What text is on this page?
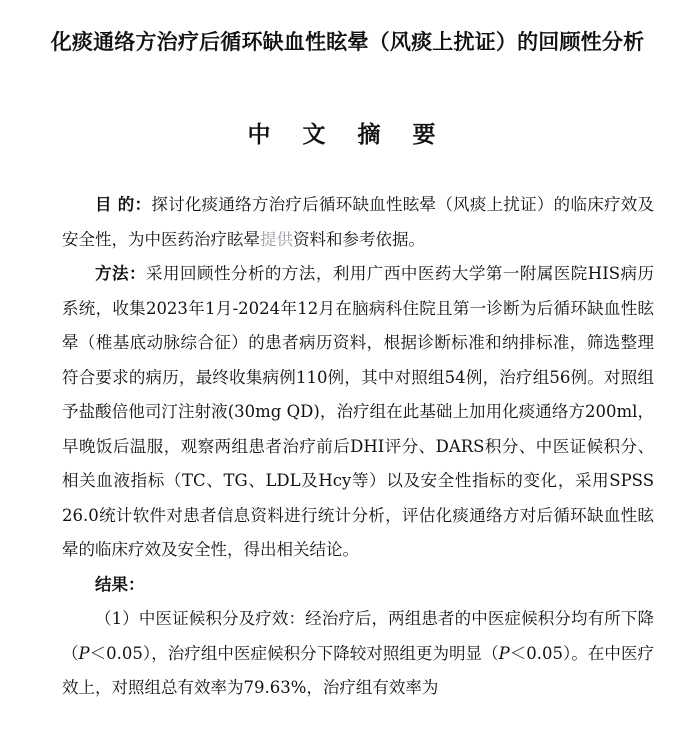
化痰通络方治疗后循环缺血性眩晕（风痰上扰证）的回顾性分析
中 文 摘 要

目 的：探讨化痰通络方治疗后循环缺血性眩晕（风痰上扰证）的临床疗效及安全性，为中医药治疗眩晕提供资料和参考依据。

方法：采用回顾性分析的方法，利用广西中医药大学第一附属医院HIS病历系统，收集2023年1月-2024年12月在脑病科住院且第一诊断为后循环缺血性眩晕（椎基底动脉综合征）的患者病历资料，根据诊断标准和纳排标准，筛选整理符合要求的病历，最终收集病例110例，其中对照组54例，治疗组56例。对照组予盐酸倍他司汀注射液(30mg QD)，治疗组在此基础上加用化痰通络方200ml，早晚饭后温服，观察两组患者治疗前后DHI评分、DARS积分、中医证候积分、相关血液指标（TC、TG、LDL及Hcy等）以及安全性指标的变化，采用SPSS 26.0统计软件对患者信息资料进行统计分析，评估化痰通络方对后循环缺血性眩晕的临床疗效及安全性，得出相关结论。

结果：

（1）中医证候积分及疗效：经治疗后，两组患者的中医症候积分均有所下降（P＜0.05），治疗组中医症候积分下降较对照组更为明显（P＜0.05）。在中医疗效上，对照组总有效率为79.63%，治疗组有效率为
